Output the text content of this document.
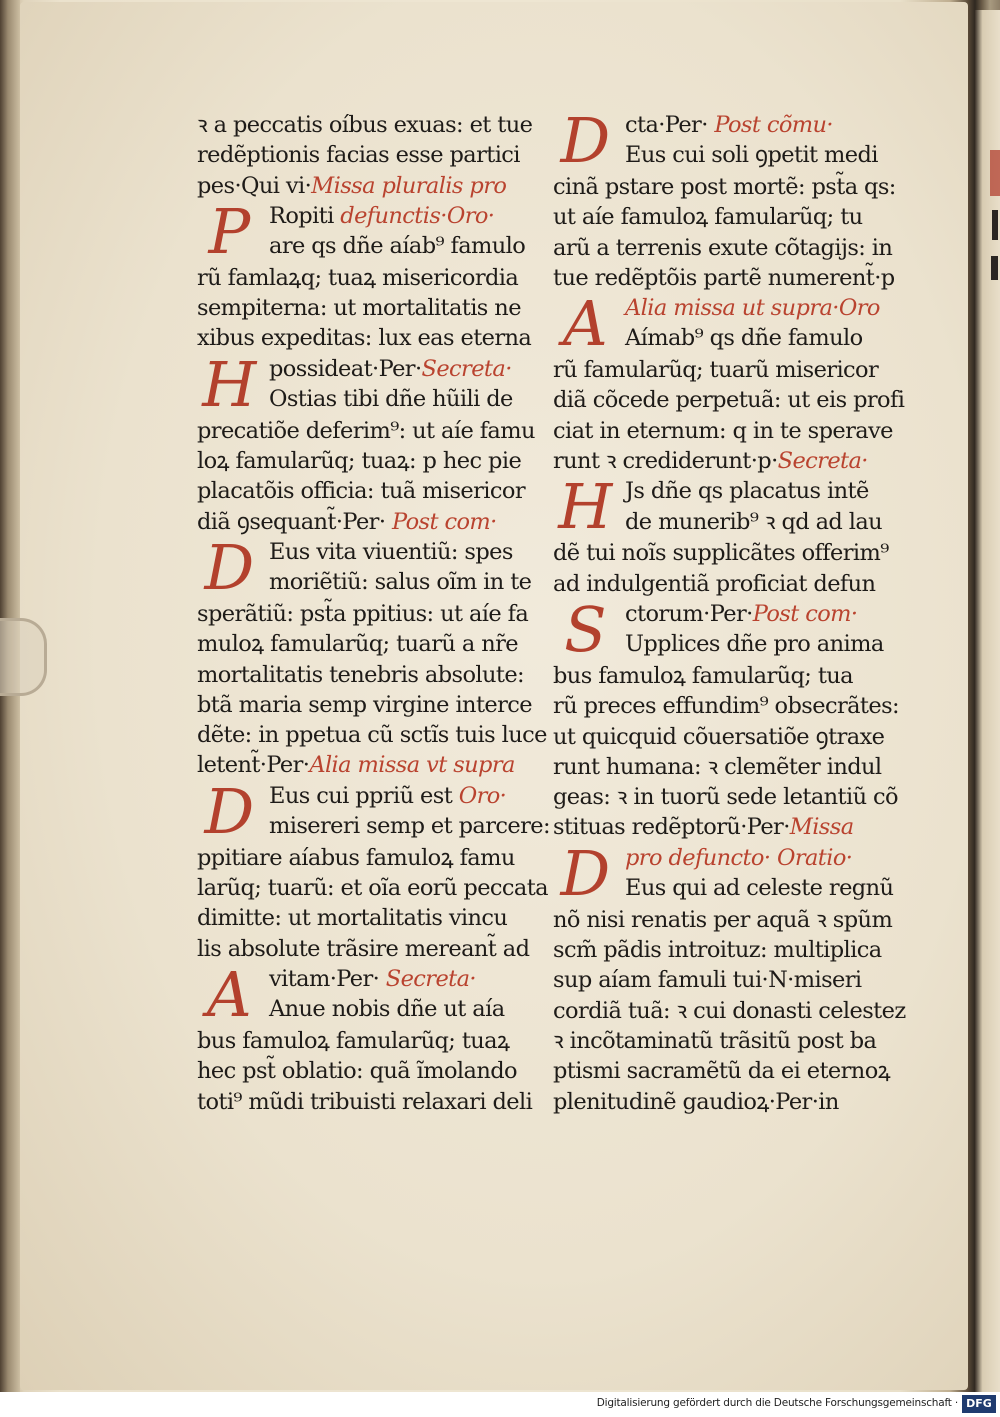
ꝛ a peccatis oíbus exuas: et tue
redẽptionis facias esse partici
pes·Qui vi·Missa pluralis pro
P Ropiti defunctis·Oro·
are qs dñe aíab⁹ famulo
rũ famlaꝝq; tuaꝝ misericordia
sempiterna: ut mortalitatis ne
xibus expeditas: lux eas eterna
H possideat·Per·Secreta·
Ostias tibi dñe hũili de
precatiõe deferim⁹: ut aíe famu
loꝝ famularũq; tuaꝝ: p hec pie
placatõis officia: tuã misericor
diã ꝯsequant̃·Per· Post com·
D Eus vita viuentiũ: spes
moriẽtiũ: salus oĩm in te
sperãtiũ: pst̃a ppitius: ut aíe fa
muloꝝ famularũq; tuarũ a nr̃e
mortalitatis tenebris absolute:
btã maria semp virgine interce
dẽte: in ppetua cũ sctĩs tuis luce
letent̃·Per·Alia missa vt supra
D Eus cui ppriũ est Oro·
misereri semp et parcere:
ppitiare aíabus famuloꝝ famu
larũq; tuarũ: et oĩa eorũ peccata
dimitte: ut mortalitatis vincu
lis absolute trãsire mereant̃ ad
A vitam·Per· Secreta·
Anue nobis dñe ut aía
bus famuloꝝ famularũq; tuaꝝ
hec pst̃ oblatio: quã ĩmolando
toti⁹ mũdi tribuisti relaxari deli
D cta·Per· Post cõmu·
Eus cui soli ꝯpetit medi
cinã pstare post mortẽ: pst̃a qs:
ut aíe famuloꝝ famularũq; tu
arũ a terrenis exute cõtagijs: in
tue redẽptõis partẽ numerent̃·p
A Alia missa ut supra·Oro
Aímab⁹ qs dñe famulo
rũ famularũq; tuarũ misericor
diã cõcede perpetuã: ut eis profi
ciat in eternum: q in te sperave
runt ꝛ crediderunt·p·Secreta·
H Js dñe qs placatus intẽ
de munerib⁹ ꝛ qd ad lau
dẽ tui noĩs supplicãtes offerim⁹
ad indulgentiã proficiat defun
S ctorum·Per·Post com·
Upplices dñe pro anima
bus famuloꝝ famularũq; tua
rũ preces effundim⁹ obsecrãtes:
ut quicquid cõuersatiõe ꝯtraxe
runt humana: ꝛ clemẽter indul
geas: ꝛ in tuorũ sede letantiũ cõ
stituas redẽptorũ·Per·Missa
D pro defuncto· Oratio·
Eus qui ad celeste regnũ
nõ nisi renatis per aquã ꝛ spũm
scm̃ pãdis introituz: multiplica
sup aíam famuli tui·N·miseri
cordiã tuã: ꝛ cui donasti celestez
ꝛ incõtaminatũ trãsitũ post ba
ptismi sacramẽtũ da ei eternoꝝ
plenitudinẽ gaudioꝝ·Per·in
Digitalisierung gefördert durch die Deutsche Forschungsgemeinschaft · DFG
